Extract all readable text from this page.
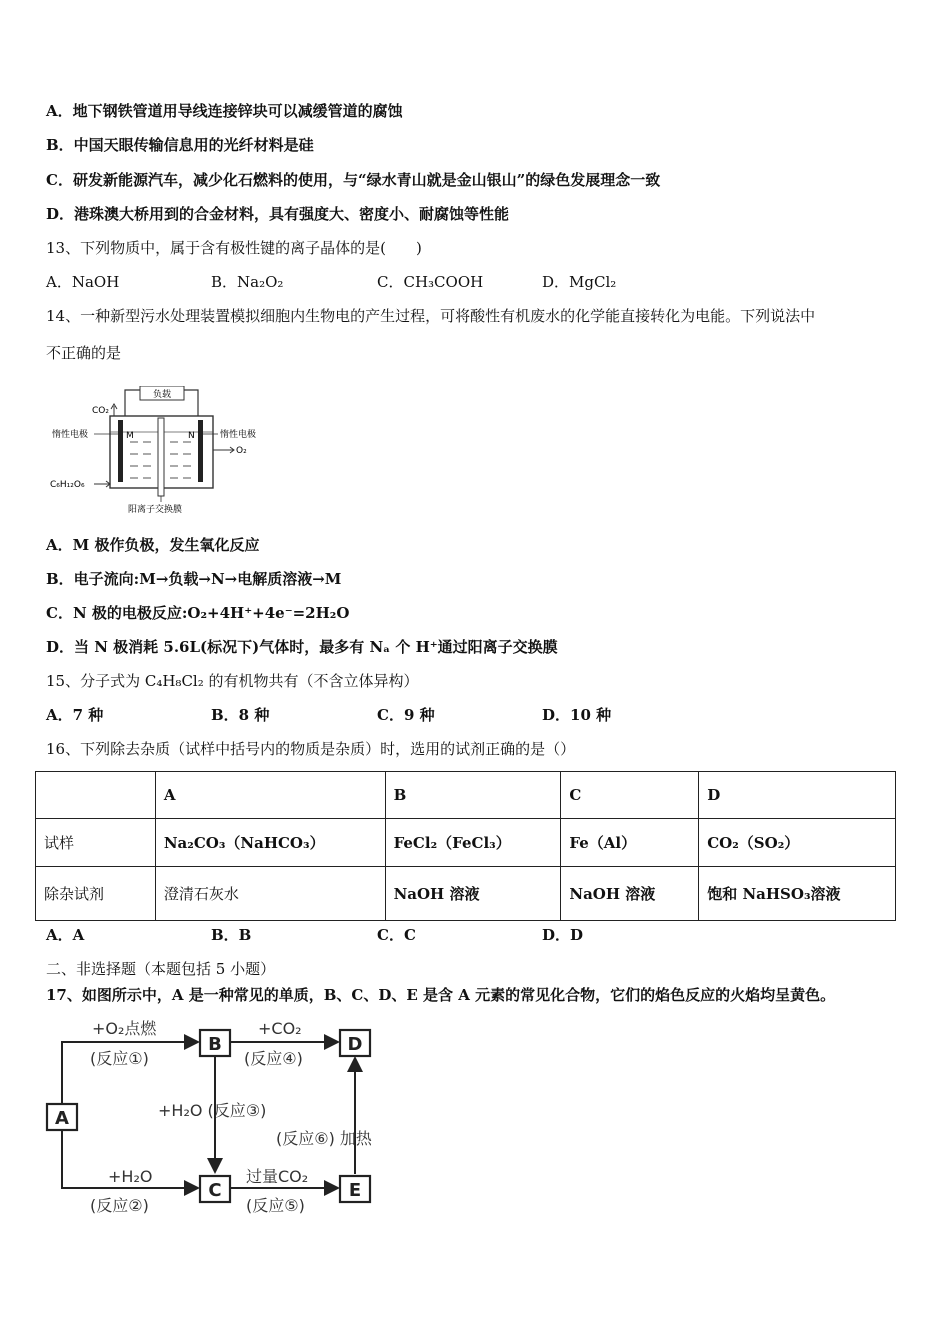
A．地下钢铁管道用导线连接锌块可以减缓管道的腐蚀
B．中国天眼传输信息用的光纤材料是硅
C．研发新能源汽车，减少化石燃料的使用，与“绿水青山就是金山银山”的绿色发展理念一致
D．港珠澳大桥用到的合金材料，具有强度大、密度小、耐腐蚀等性能
13、下列物质中，属于含有极性键的离子晶体的是(　　)
A．NaOH	B．Na₂O₂	C．CH₃COOH	D．MgCl₂
14、一种新型污水处理装置模拟细胞内生物电的产生过程，可将酸性有机废水的化学能直接转化为电能。下列说法中
不正确的是
负载
CO₂
M	N
惰性电极
C₆H₁₂O₆
惰性电极
O₂
阳离子交换膜
A．M 极作负极，发生氧化反应
B．电子流向:M→负载→N→电解质溶液→M
C．N 极的电极反应:O₂+4H⁺+4e⁻=2H₂O
D．当 N 极消耗 5.6L(标况下)气体时，最多有 Nₐ 个 H⁺通过阳离子交换膜
15、分子式为 C₄H₈Cl₂ 的有机物共有（不含立体异构）
A．7 种	B．8 种	C．9 种	D．10 种
16、下列除去杂质（试样中括号内的物质是杂质）时，选用的试剂正确的是（）
	A	B	C	D
试样	Na₂CO₃（NaHCO₃）	FeCl₂（FeCl₃）	Fe（Al）	CO₂（SO₂）
除杂试剂	澄清石灰水	NaOH 溶液	NaOH 溶液	饱和 NaHSO₃溶液
A．A	B．B	C．C	D．D
二、非选择题（本题包括 5 小题）
17、如图所示中，A 是一种常见的单质，B、C、D、E 是含 A 元素的常见化合物，它们的焰色反应的火焰均呈黄色。
A
B
C
D
E
+O₂点燃
(反应①)
+CO₂
(反应④)
+H₂O (反应③)
(反应⑥) 加热
+H₂O
(反应②)
过量CO₂
(反应⑤)
